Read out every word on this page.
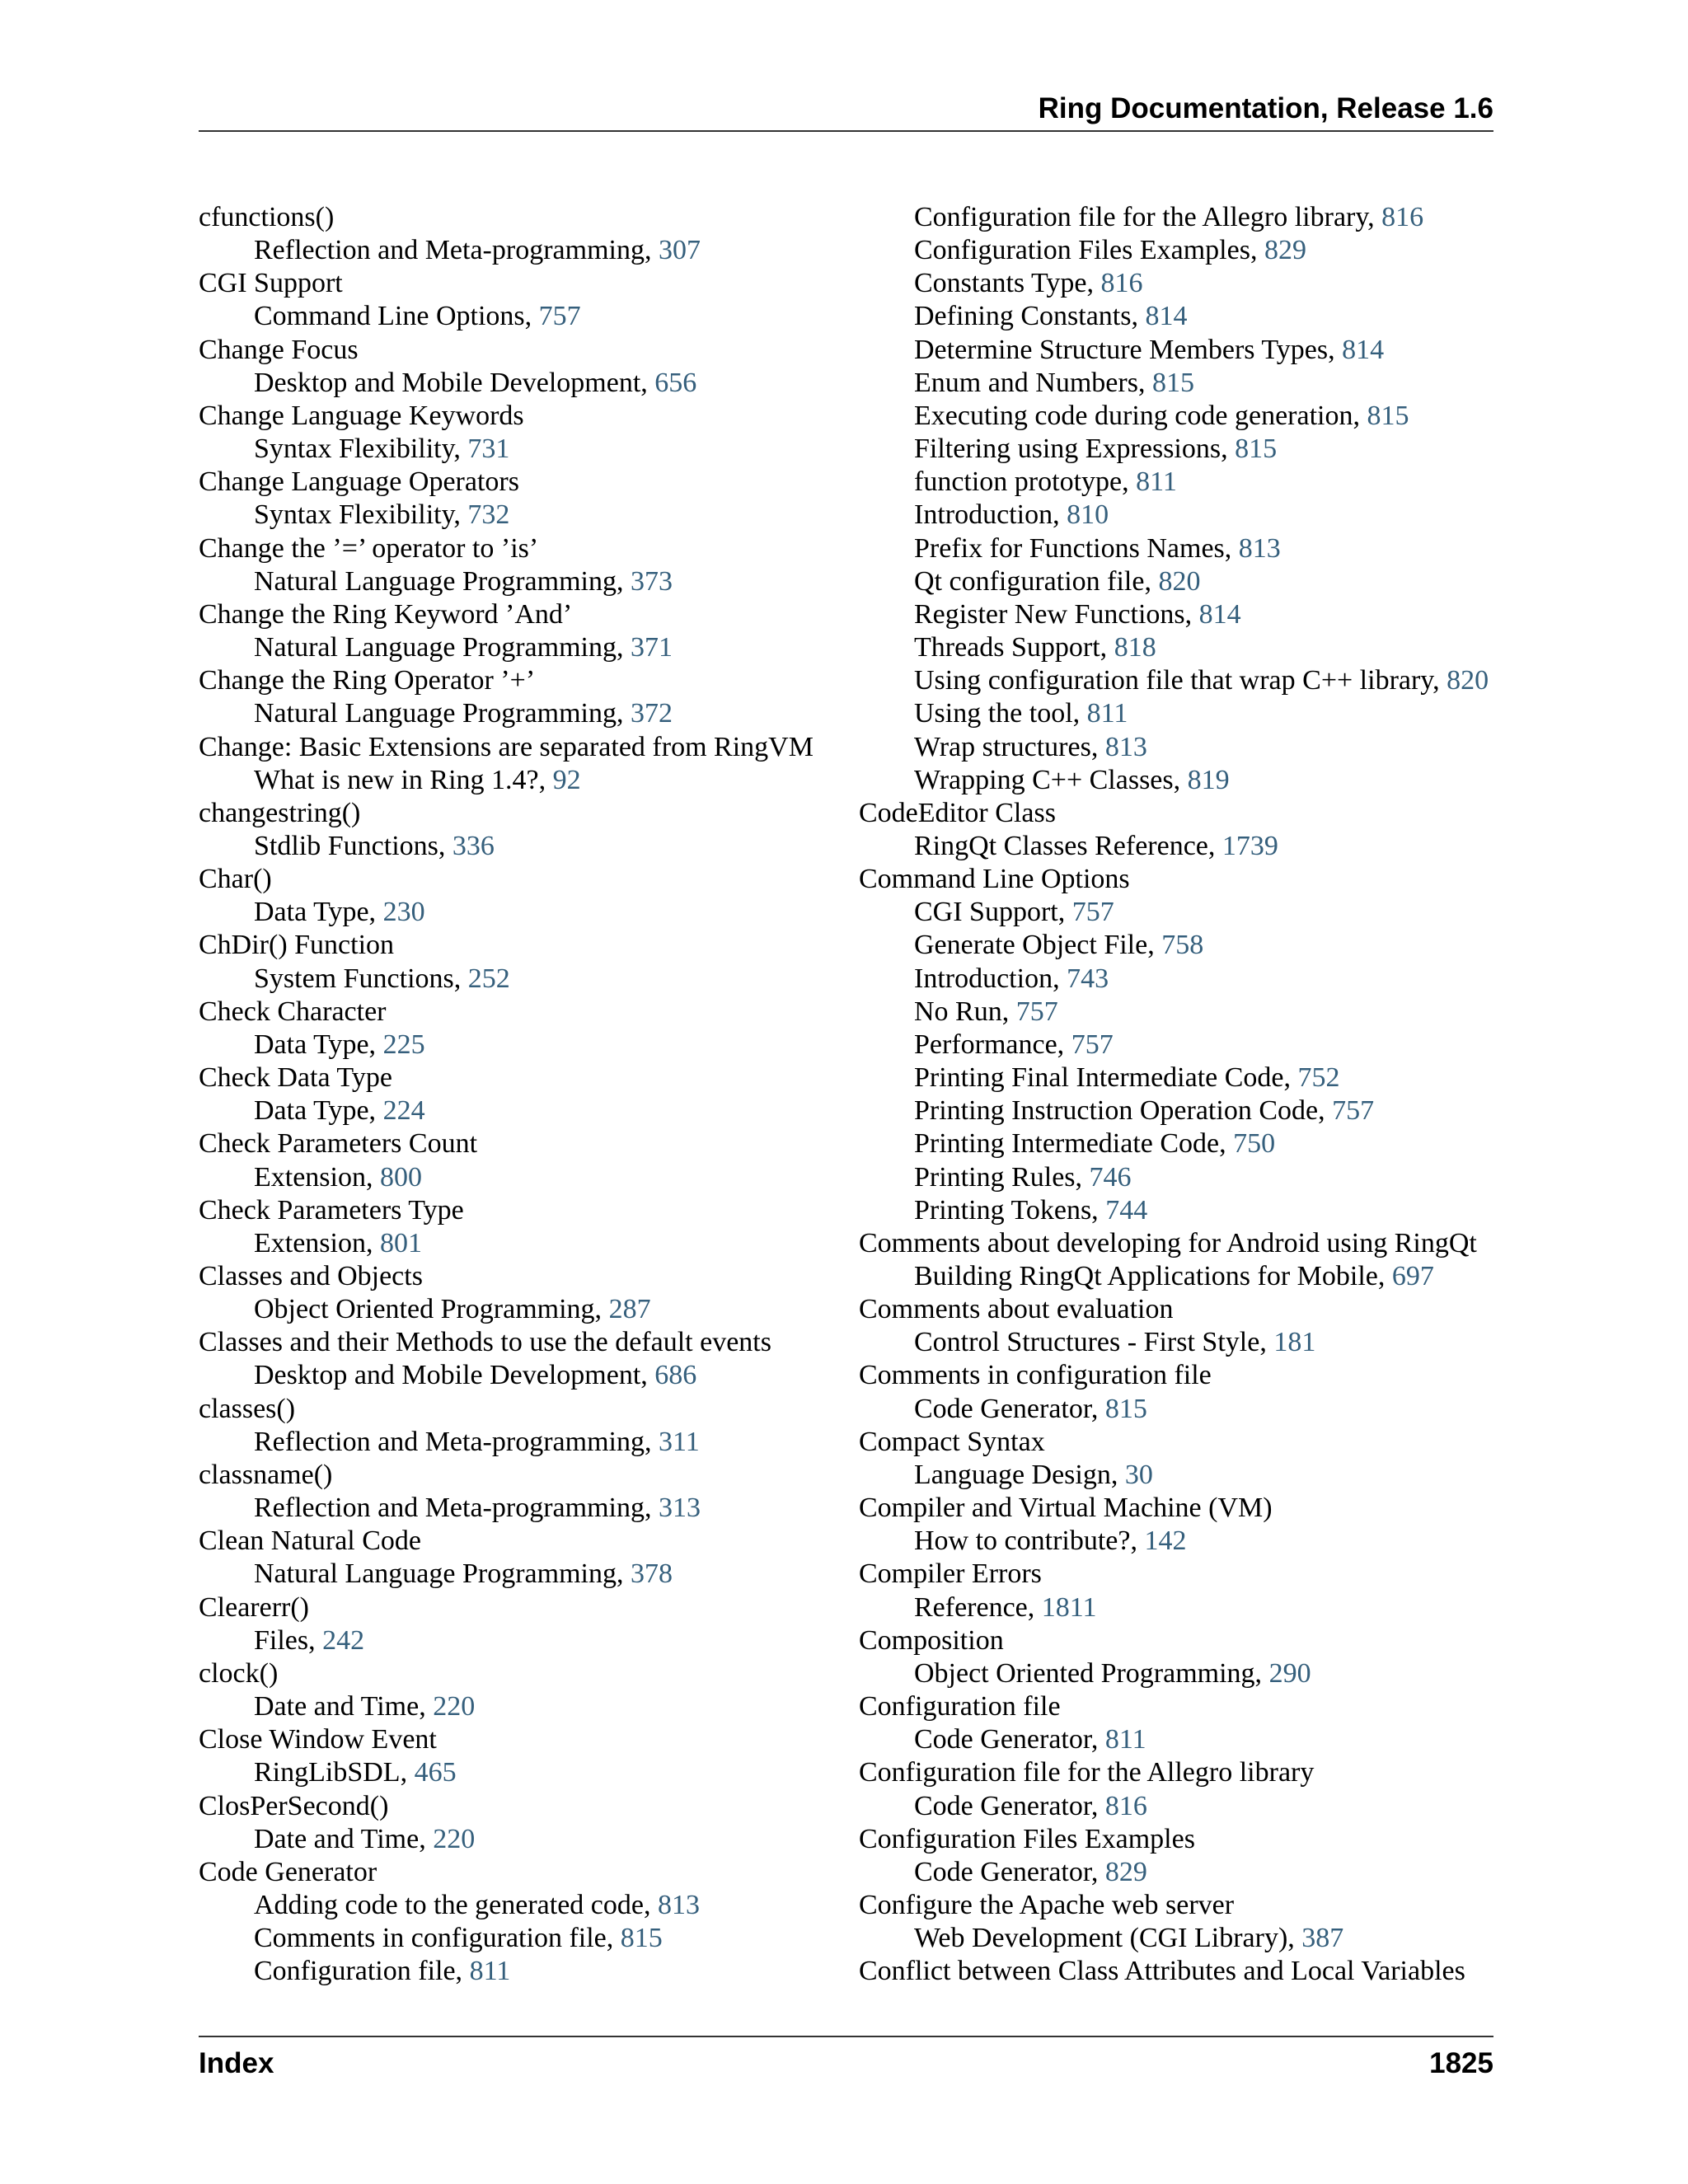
Ring Documentation, Release 1.6
cfunctions()
Reflection and Meta-programming, 307
CGI Support
Command Line Options, 757
Change Focus
Desktop and Mobile Development, 656
Change Language Keywords
Syntax Flexibility, 731
Change Language Operators
Syntax Flexibility, 732
Change the ’=’ operator to ’is’
Natural Language Programming, 373
Change the Ring Keyword ’And’
Natural Language Programming, 371
Change the Ring Operator ’+’
Natural Language Programming, 372
Change: Basic Extensions are separated from RingVM
What is new in Ring 1.4?, 92
changestring()
Stdlib Functions, 336
Char()
Data Type, 230
ChDir() Function
System Functions, 252
Check Character
Data Type, 225
Check Data Type
Data Type, 224
Check Parameters Count
Extension, 800
Check Parameters Type
Extension, 801
Classes and Objects
Object Oriented Programming, 287
Classes and their Methods to use the default events
Desktop and Mobile Development, 686
classes()
Reflection and Meta-programming, 311
classname()
Reflection and Meta-programming, 313
Clean Natural Code
Natural Language Programming, 378
Clearerr()
Files, 242
clock()
Date and Time, 220
Close Window Event
RingLibSDL, 465
ClosPerSecond()
Date and Time, 220
Code Generator
Adding code to the generated code, 813
Comments in configuration file, 815
Configuration file, 811
Configuration file for the Allegro library, 816
Configuration Files Examples, 829
Constants Type, 816
Defining Constants, 814
Determine Structure Members Types, 814
Enum and Numbers, 815
Executing code during code generation, 815
Filtering using Expressions, 815
function prototype, 811
Introduction, 810
Prefix for Functions Names, 813
Qt configuration file, 820
Register New Functions, 814
Threads Support, 818
Using configuration file that wrap C++ library, 820
Using the tool, 811
Wrap structures, 813
Wrapping C++ Classes, 819
CodeEditor Class
RingQt Classes Reference, 1739
Command Line Options
CGI Support, 757
Generate Object File, 758
Introduction, 743
No Run, 757
Performance, 757
Printing Final Intermediate Code, 752
Printing Instruction Operation Code, 757
Printing Intermediate Code, 750
Printing Rules, 746
Printing Tokens, 744
Comments about developing for Android using RingQt
Building RingQt Applications for Mobile, 697
Comments about evaluation
Control Structures - First Style, 181
Comments in configuration file
Code Generator, 815
Compact Syntax
Language Design, 30
Compiler and Virtual Machine (VM)
How to contribute?, 142
Compiler Errors
Reference, 1811
Composition
Object Oriented Programming, 290
Configuration file
Code Generator, 811
Configuration file for the Allegro library
Code Generator, 816
Configuration Files Examples
Code Generator, 829
Configure the Apache web server
Web Development (CGI Library), 387
Conflict between Class Attributes and Local Variables
Index	1825
